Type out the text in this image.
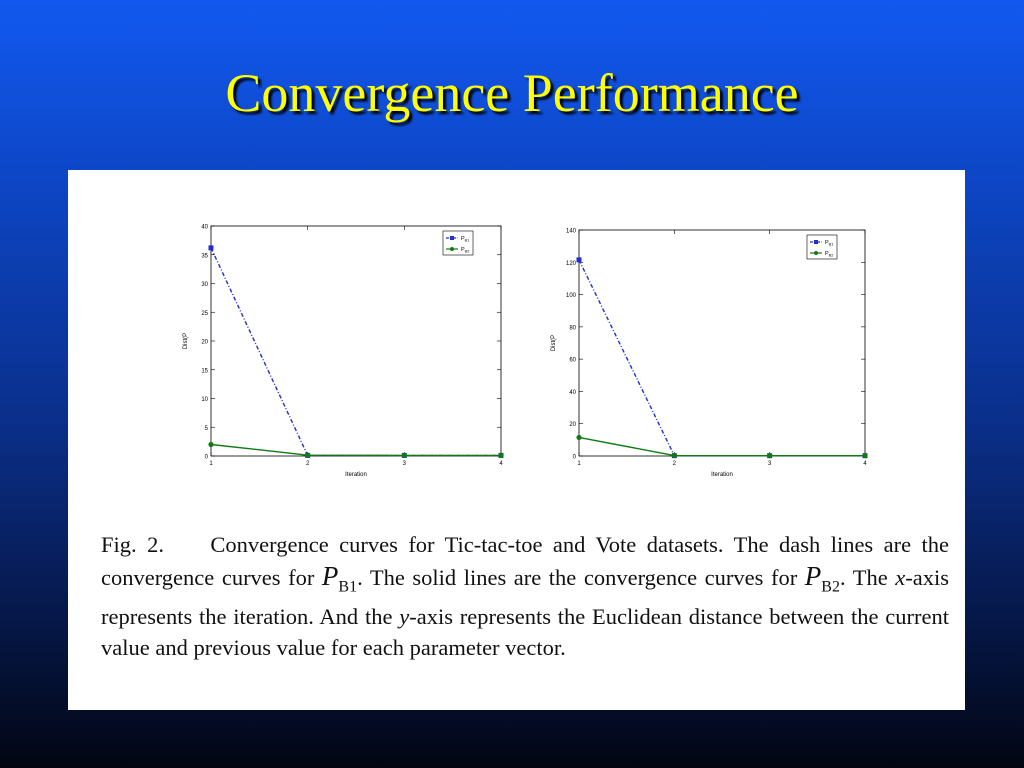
Convergence Performance
0
5
10
15
20
25
30
35
40
1	2	3	4
Iteration
Dist(P
$P_{B1}$
$P_{B2}$
0
20
40
60
80
100
120
140
1	2	3	4
Iteration
Dist(P
$P_{B1}$
$P_{B2}$
Fig. 2. Convergence curves for Tic-tac-toe and Vote datasets. The dash lines are the convergence curves for $P_{B1}$. The solid lines are the convergence curves for $P_{B2}$. The x-axis represents the iteration. And the y-axis represents the Euclidean distance between the current value and previous value for each parameter vector.
